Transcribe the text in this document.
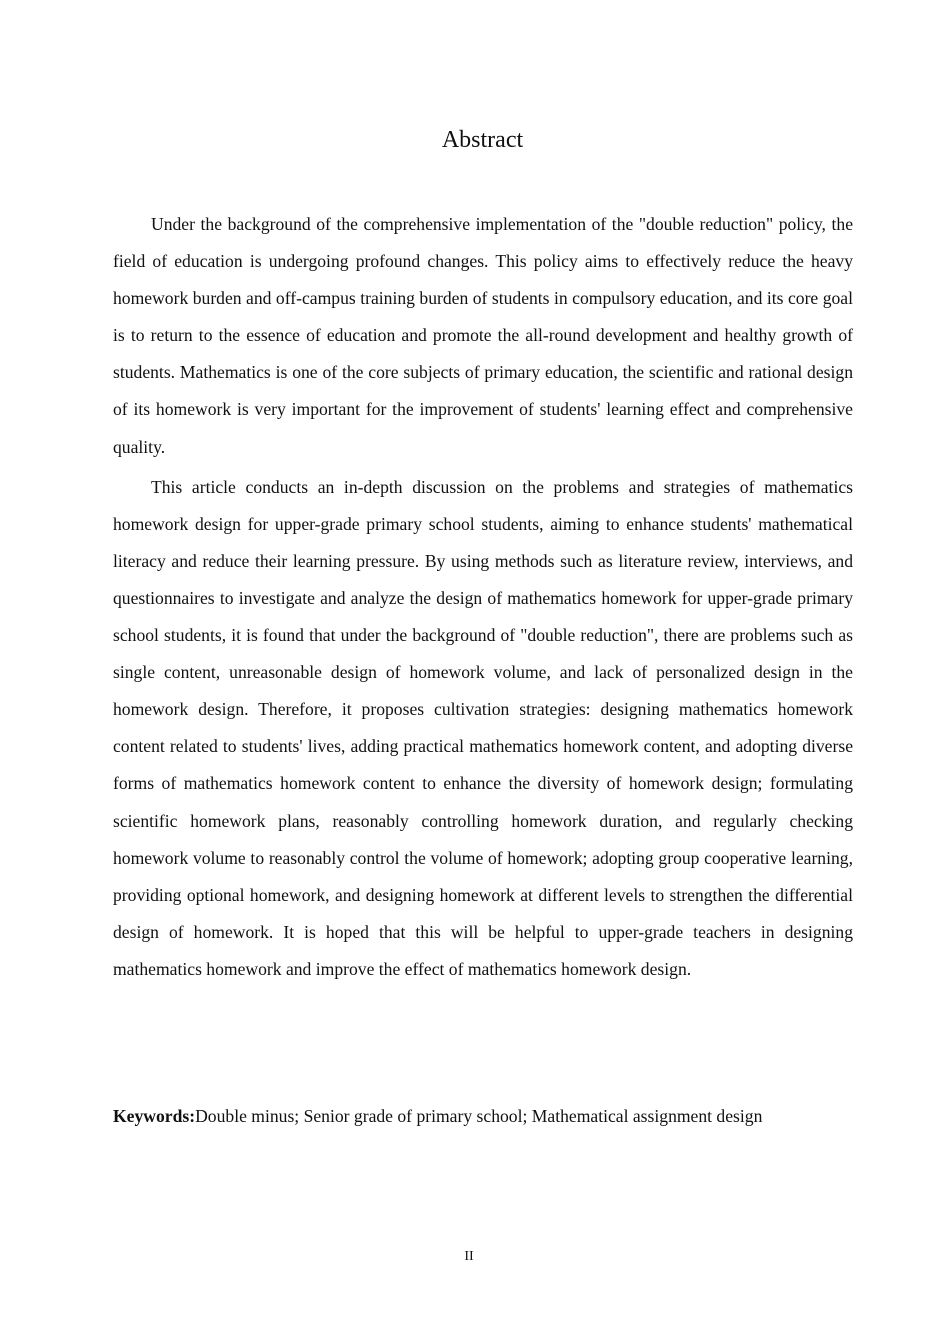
Abstract

Under the background of the comprehensive implementation of the "double reduction" policy, the field of education is undergoing profound changes. This policy aims to effectively reduce the heavy homework burden and off-campus training burden of students in compulsory education, and its core goal is to return to the essence of education and promote the all-round development and healthy growth of students. Mathematics is one of the core subjects of primary education, the scientific and rational design of its homework is very important for the improvement of students' learning effect and comprehensive quality.

This article conducts an in-depth discussion on the problems and strategies of mathematics homework design for upper-grade primary school students, aiming to enhance students' mathematical literacy and reduce their learning pressure. By using methods such as literature review, interviews, and questionnaires to investigate and analyze the design of mathematics homework for upper-grade primary school students, it is found that under the background of "double reduction", there are problems such as single content, unreasonable design of homework volume, and lack of personalized design in the homework design. Therefore, it proposes cultivation strategies: designing mathematics homework content related to students' lives, adding practical mathematics homework content, and adopting diverse forms of mathematics homework content to enhance the diversity of homework design; formulating scientific homework plans, reasonably controlling homework duration, and regularly checking homework volume to reasonably control the volume of homework; adopting group cooperative learning, providing optional homework, and designing homework at different levels to strengthen the differential design of homework. It is hoped that this will be helpful to upper-grade teachers in designing mathematics homework and improve the effect of mathematics homework design.

Keywords:Double minus; Senior grade of primary school; Mathematical assignment design

II
